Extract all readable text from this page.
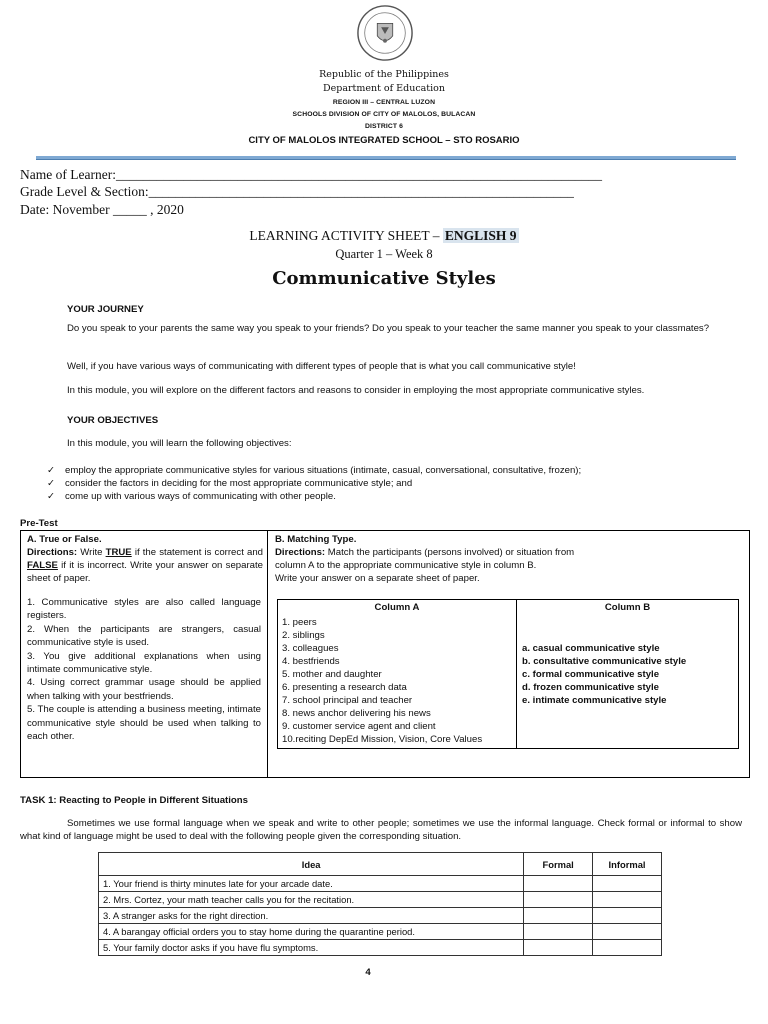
Republic of the Philippines
Department of Education
REGION III – CENTRAL LUZON
SCHOOLS DIVISION OF CITY OF MALOLOS, BULACAN
DISTRICT 6
CITY OF MALOLOS INTEGRATED SCHOOL – STO ROSARIO
Name of Learner:________________________________________________________________________
Grade Level & Section:_______________________________________________________________
Date: November _____ , 2020
LEARNING ACTIVITY SHEET – ENGLISH 9
Quarter 1 – Week 8
Communicative Styles
YOUR JOURNEY
Do you speak to your parents the same way you speak to your friends? Do you speak to your teacher the same manner you speak to your classmates?
Well, if you have various ways of communicating with different types of people that is what you call communicative style!
In this module, you will explore on the different factors and reasons to consider in employing the most appropriate communicative styles.
YOUR OBJECTIVES
In this module, you will learn the following objectives:
✓ employ the appropriate communicative styles for various situations (intimate, casual, conversational, consultative, frozen);
✓ consider the factors in deciding for the most appropriate communicative style; and
✓ come up with various ways of communicating with other people.
Pre-Test
A. True or False.
Directions: Write TRUE if the statement is correct and FALSE if it is incorrect. Write your answer on separate sheet of paper.
1. Communicative styles are also called language registers.
2. When the participants are strangers, casual communicative style is used.
3. You give additional explanations when using intimate communicative style.
4. Using correct grammar usage should be applied when talking with your bestfriends.
5. The couple is attending a business meeting, intimate communicative style should be used when talking to each other.
B. Matching Type.
Directions: Match the participants (persons involved) or situation from column A to the appropriate communicative style in column B.
Write your answer on a separate sheet of paper.
Column A	Column B
1. peers
2. siblings
3. colleagues
4. bestfriends
5. mother and daughter
6. presenting a research data
7. school principal and teacher
8. news anchor delivering his news
9. customer service agent and client
10.reciting DepEd Mission, Vision, Core Values
a. casual communicative style
b. consultative communicative style
c. formal communicative style
d. frozen communicative style
e. intimate communicative style
TASK 1: Reacting to People in Different Situations
Sometimes we use formal language when we speak and write to other people; sometimes we use the informal language. Check formal or informal to show what kind of language might be used to deal with the following people given the corresponding situation.
Idea	Formal	Informal
1. Your friend is thirty minutes late for your arcade date.		
2. Mrs. Cortez, your math teacher calls you for the recitation.		
3. A stranger asks for the right direction.		
4. A barangay official orders you to stay home during the quarantine period.		
5. Your family doctor asks if you have flu symptoms.		
4
